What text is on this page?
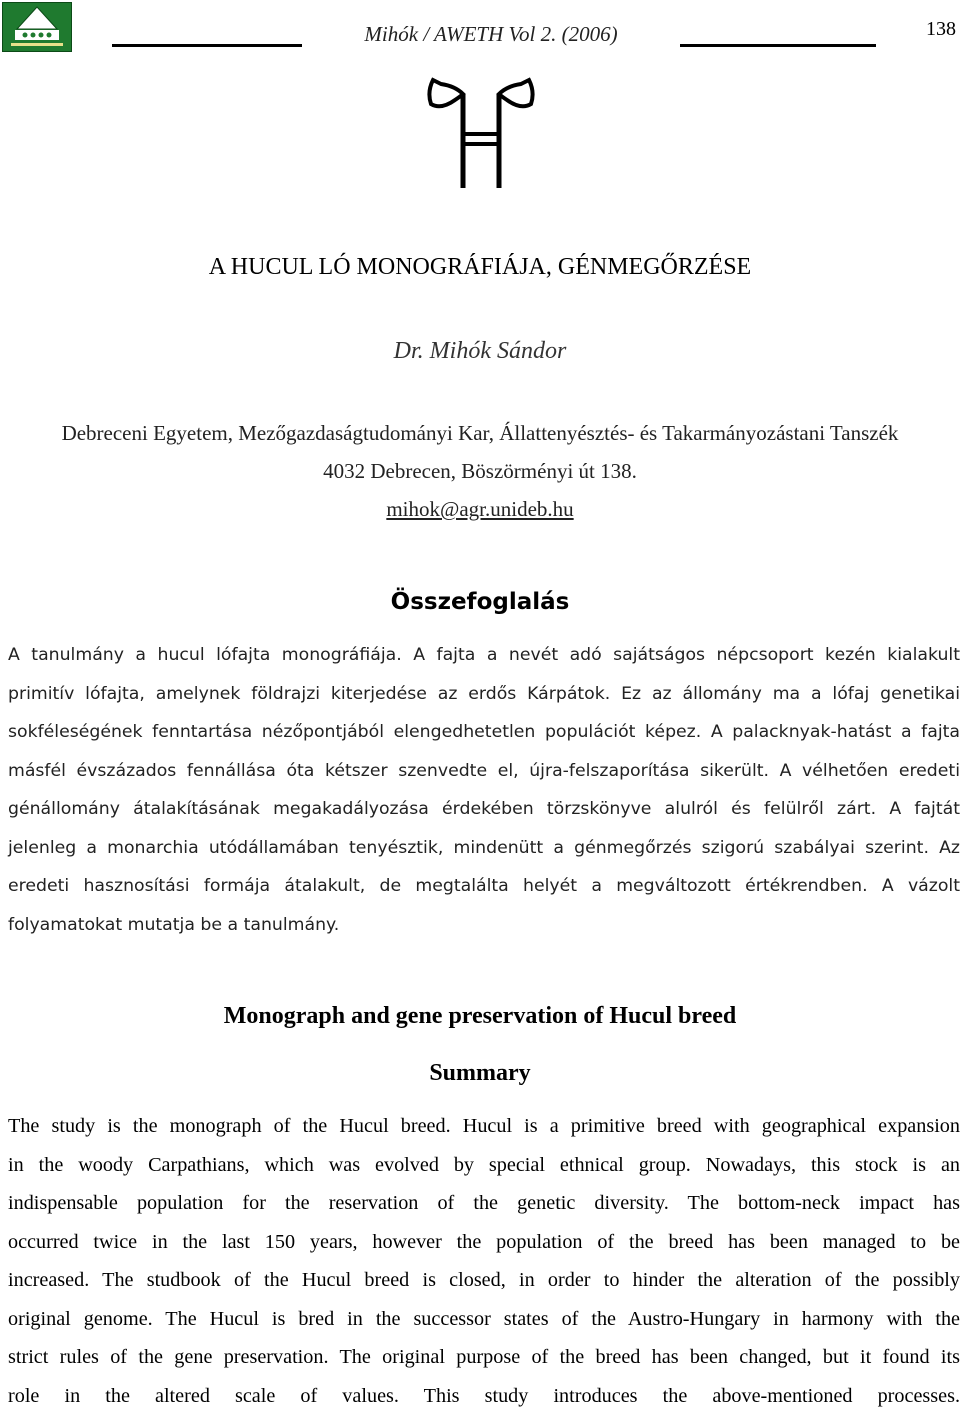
Mihók / AWETH Vol 2. (2006)	138
A HUCUL LÓ MONOGRÁFIÁJA, GÉNMEGŐRZÉSE
Dr. Mihók Sándor
Debreceni Egyetem, Mezőgazdaságtudományi Kar, Állattenyésztés- és Takarmányozástani Tanszék
4032 Debrecen, Böszörményi út 138.
mihok@agr.unideb.hu
Összefoglalás
A tanulmány a hucul lófajta monográfiája. A fajta a nevét adó sajátságos népcsoport kezén kialakult
primitív lófajta, amelynek földrajzi kiterjedése az erdős Kárpátok. Ez az állomány ma a lófaj genetikai
sokféleségének fenntartása nézőpontjából elengedhetetlen populációt képez. A palacknyak-hatást a fajta
másfél évszázados fennállása óta kétszer szenvedte el, újra-felszaporítása sikerült. A vélhetően eredeti
génállomány átalakításának megakadályozása érdekében törzskönyve alulról és felülről zárt. A fajtát
jelenleg a monarchia utódállamában tenyésztik, mindenütt a génmegőrzés szigorú szabályai szerint. Az
eredeti hasznosítási formája átalakult, de megtalálta helyét a megváltozott értékrendben. A vázolt
folyamatokat mutatja be a tanulmány.
Monograph and gene preservation of Hucul breed
Summary
The study is the monograph of the Hucul breed. Hucul is a primitive breed with geographical expansion
in the woody Carpathians, which was evolved by special ethnical group. Nowadays, this stock is an
indispensable population for the reservation of the genetic diversity. The bottom-neck impact has
occurred twice in the last 150 years, however the population of the breed has been managed to be
increased. The studbook of the Hucul breed is closed, in order to hinder the alteration of the possibly
original genome. The Hucul is bred in the successor states of the Austro-Hungary in harmony with the
strict rules of the gene preservation. The original purpose of the breed has been changed, but it found its
role in the altered scale of values. This study introduces the above-mentioned processes.
